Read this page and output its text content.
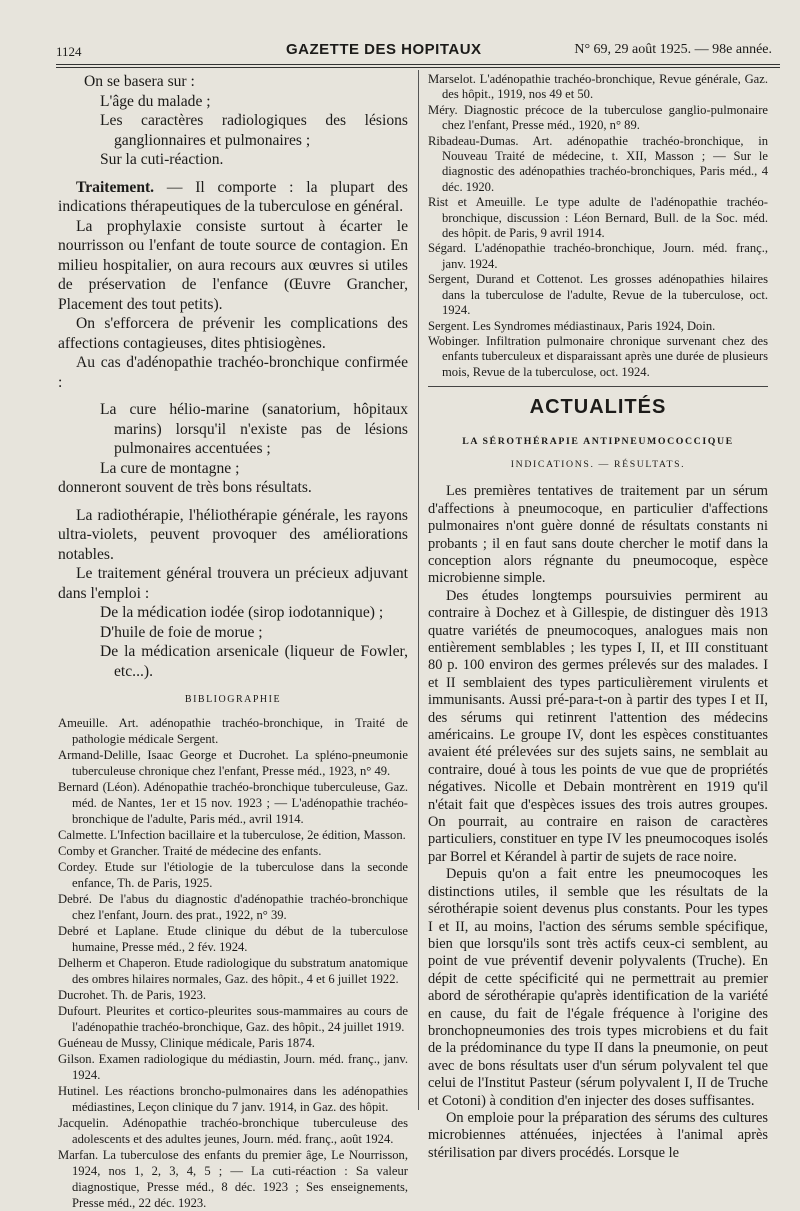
1124	GAZETTE DES HOPITAUX	N° 69, 29 août 1925. — 98e année.

On se basera sur :

L'âge du malade ;

Les caractères radiologiques des lésions ganglionnaires et pulmonaires ;

Sur la cuti-réaction.

Traitement. — Il comporte : la plupart des indications thérapeutiques de la tuberculose en général.

La prophylaxie consiste surtout à écarter le nourrisson ou l'enfant de toute source de contagion. En milieu hospitalier, on aura recours aux œuvres si utiles de préservation de l'enfance (Œuvre Grancher, Placement des tout petits).

On s'efforcera de prévenir les complications des affections contagieuses, dites phtisiogènes.

Au cas d'adénopathie trachéo-bronchique confirmée :

La cure hélio-marine (sanatorium, hôpitaux marins) lorsqu'il n'existe pas de lésions pulmonaires accentuées ;

La cure de montagne ;

donneront souvent de très bons résultats.

La radiothérapie, l'héliothérapie générale, les rayons ultra-violets, peuvent provoquer des améliorations notables.

Le traitement général trouvera un précieux adjuvant dans l'emploi :

De la médication iodée (sirop iodotannique) ;

D'huile de foie de morue ;

De la médication arsenicale (liqueur de Fowler, etc...).

BIBLIOGRAPHIE

Ameuille. Art. adénopathie trachéo-bronchique, in Traité de pathologie médicale Sergent.

Armand-Delille, Isaac George et Ducrohet. La spléno-pneumonie tuberculeuse chronique chez l'enfant, Presse méd., 1923, n° 49.

Bernard (Léon). Adénopathie trachéo-bronchique tuberculeuse, Gaz. méd. de Nantes, 1er et 15 nov. 1923 ; — L'adénopathie trachéo-bronchique de l'adulte, Paris méd., avril 1914.

Calmette. L'Infection bacillaire et la tuberculose, 2e édition, Masson.

Comby et Grancher. Traité de médecine des enfants.

Cordey. Etude sur l'étiologie de la tuberculose dans la seconde enfance, Th. de Paris, 1925.

Debré. De l'abus du diagnostic d'adénopathie trachéo-bronchique chez l'enfant, Journ. des prat., 1922, n° 39.

Debré et Laplane. Etude clinique du début de la tuberculose humaine, Presse méd., 2 fév. 1924.

Delherm et Chaperon. Etude radiologique du substratum anatomique des ombres hilaires normales, Gaz. des hôpit., 4 et 6 juillet 1922.

Ducrohet. Th. de Paris, 1923.

Dufourt. Pleurites et cortico-pleurites sous-mammaires au cours de l'adénopathie trachéo-bronchique, Gaz. des hôpit., 24 juillet 1919.

Guéneau de Mussy, Clinique médicale, Paris 1874.

Gilson. Examen radiologique du médiastin, Journ. méd. franç., janv. 1924.

Hutinel. Les réactions broncho-pulmonaires dans les adénopathies médiastines, Leçon clinique du 7 janv. 1914, in Gaz. des hôpit.

Jacquelin. Adénopathie trachéo-bronchique tuberculeuse des adolescents et des adultes jeunes, Journ. méd. franç., août 1924.

Marfan. La tuberculose des enfants du premier âge, Le Nourrisson, 1924, nos 1, 2, 3, 4, 5 ; — La cuti-réaction : Sa valeur diagnostique, Presse méd., 8 déc. 1923 ; Ses enseignements, Presse méd., 22 déc. 1923.

Marselot. L'adénopathie trachéo-bronchique, Revue générale, Gaz. des hôpit., 1919, nos 49 et 50.

Méry. Diagnostic précoce de la tuberculose ganglio-pulmonaire chez l'enfant, Presse méd., 1920, n° 89.

Ribadeau-Dumas. Art. adénopathie trachéo-bronchique, in Nouveau Traité de médecine, t. XII, Masson ; — Sur le diagnostic des adénopathies trachéo-bronchiques, Paris méd., 4 déc. 1920.

Rist et Ameuille. Le type adulte de l'adénopathie trachéo-bronchique, discussion : Léon Bernard, Bull. de la Soc. méd. des hôpit. de Paris, 9 avril 1914.

Ségard. L'adénopathie trachéo-bronchique, Journ. méd. franç., janv. 1924.

Sergent, Durand et Cottenot. Les grosses adénopathies hilaires dans la tuberculose de l'adulte, Revue de la tuberculose, oct. 1924.

Sergent. Les Syndromes médiastinaux, Paris 1924, Doin.

Wobinger. Infiltration pulmonaire chronique survenant chez des enfants tuberculeux et disparaissant après une durée de plusieurs mois, Revue de la tuberculose, oct. 1924.

ACTUALITÉS
LA SÉROTHÉRAPIE ANTIPNEUMOCOCCIQUE
INDICATIONS. — RÉSULTATS.

Les premières tentatives de traitement par un sérum d'affections à pneumocoque, en particulier d'affections pulmonaires n'ont guère donné de résultats constants ni probants ; il en faut sans doute chercher le motif dans la conception alors régnante du pneumocoque, espèce microbienne simple.

Des études longtemps poursuivies permirent au contraire à Dochez et à Gillespie, de distinguer dès 1913 quatre variétés de pneumocoques, analogues mais non entièrement semblables ; les types I, II, et III constituant 80 p. 100 environ des germes prélevés sur des malades. I et II semblaient des types particulièrement virulents et immunisants. Aussi pré-para-t-on à partir des types I et II, des sérums qui retinrent l'attention des médecins américains. Le groupe IV, dont les espèces constituantes avaient été prélevées sur des sujets sains, ne semblait au contraire, doué à tous les points de vue que de propriétés négatives. Nicolle et Debain montrèrent en 1919 qu'il n'était fait que d'espèces issues des trois autres groupes. On pourrait, au contraire en raison de caractères particuliers, constituer en type IV les pneumocoques isolés par Borrel et Kérandel à partir de sujets de race noire.

Depuis qu'on a fait entre les pneumocoques les distinctions utiles, il semble que les résultats de la sérothérapie soient devenus plus constants. Pour les types I et II, au moins, l'action des sérums semble spécifique, bien que lorsqu'ils sont très actifs ceux-ci semblent, au point de vue préventif devenir polyvalents (Truche). En dépit de cette spécificité qui ne permettrait au premier abord de sérothérapie qu'après identification de la variété en cause, du fait de l'égale fréquence à l'origine des bronchopneumonies des trois types microbiens et du fait de la prédominance du type II dans la pneumonie, on peut avec de bons résultats user d'un sérum polyvalent tel que celui de l'Institut Pasteur (sérum polyvalent I, II de Truche et Cotoni) à condition d'en injecter des doses suffisantes.

On emploie pour la préparation des sérums des cultures microbiennes atténuées, injectées à l'animal après stérilisation par divers procédés. Lorsque le
